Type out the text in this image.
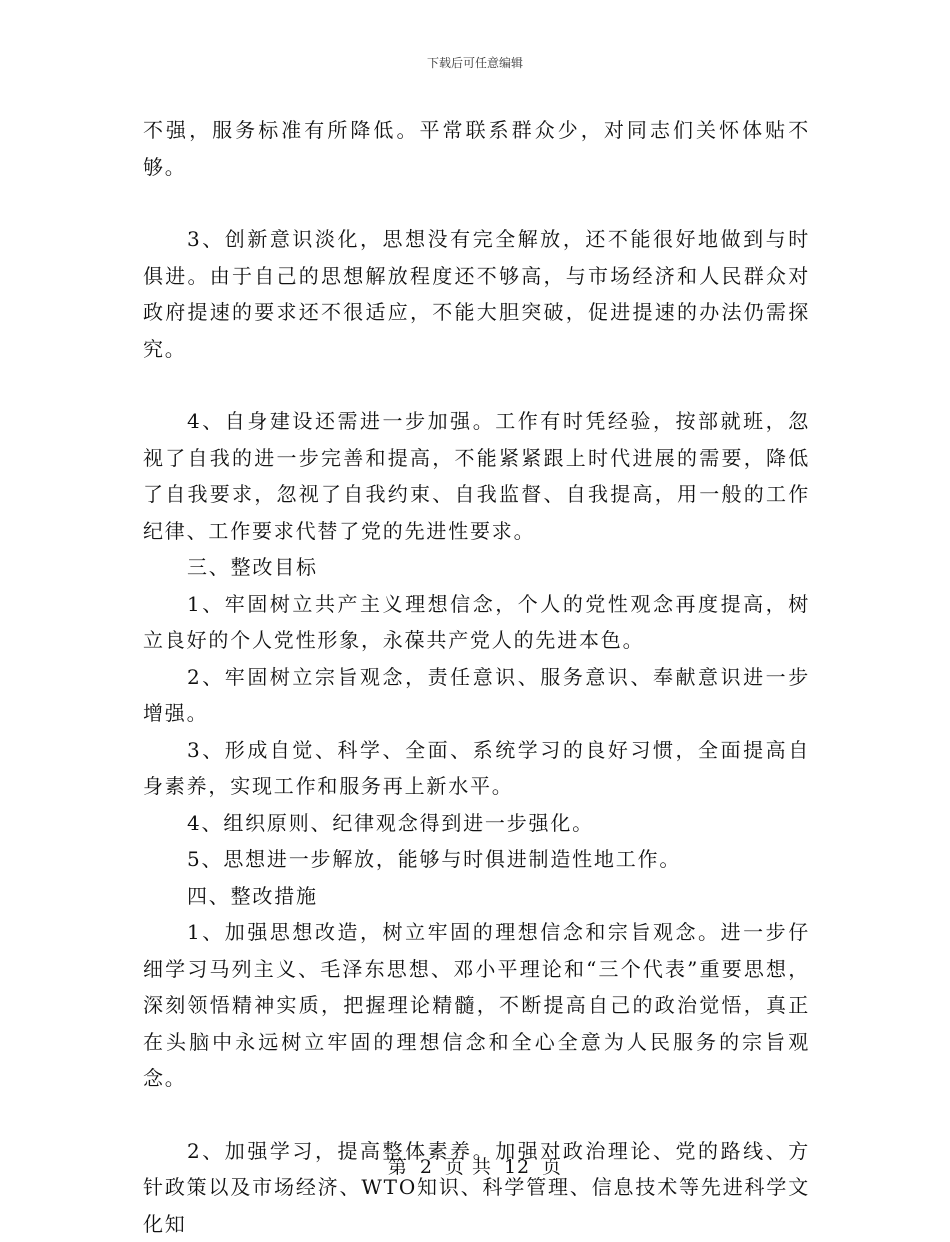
下载后可任意编辑

不强，服务标准有所降低。平常联系群众少，对同志们关怀体贴不够。

3、创新意识淡化，思想没有完全解放，还不能很好地做到与时俱进。由于自己的思想解放程度还不够高，与市场经济和人民群众对政府提速的要求还不很适应，不能大胆突破，促进提速的办法仍需探究。

4、自身建设还需进一步加强。工作有时凭经验，按部就班，忽视了自我的进一步完善和提高，不能紧紧跟上时代进展的需要，降低了自我要求，忽视了自我约束、自我监督、自我提高，用一般的工作纪律、工作要求代替了党的先进性要求。

三、整改目标

1、牢固树立共产主义理想信念，个人的党性观念再度提高，树立良好的个人党性形象，永葆共产党人的先进本色。

2、牢固树立宗旨观念，责任意识、服务意识、奉献意识进一步增强。

3、形成自觉、科学、全面、系统学习的良好习惯，全面提高自身素养，实现工作和服务再上新水平。

4、组织原则、纪律观念得到进一步强化。

5、思想进一步解放，能够与时俱进制造性地工作。

四、整改措施

1、加强思想改造，树立牢固的理想信念和宗旨观念。进一步仔细学习马列主义、毛泽东思想、邓小平理论和“三个代表”重要思想，深刻领悟精神实质，把握理论精髓，不断提高自己的政治觉悟，真正在头脑中永远树立牢固的理想信念和全心全意为人民服务的宗旨观念。

2、加强学习，提高整体素养。加强对政治理论、党的路线、方针政策以及市场经济、WTO知识、科学管理、信息技术等先进科学文化知

第 2 页 共 12 页
